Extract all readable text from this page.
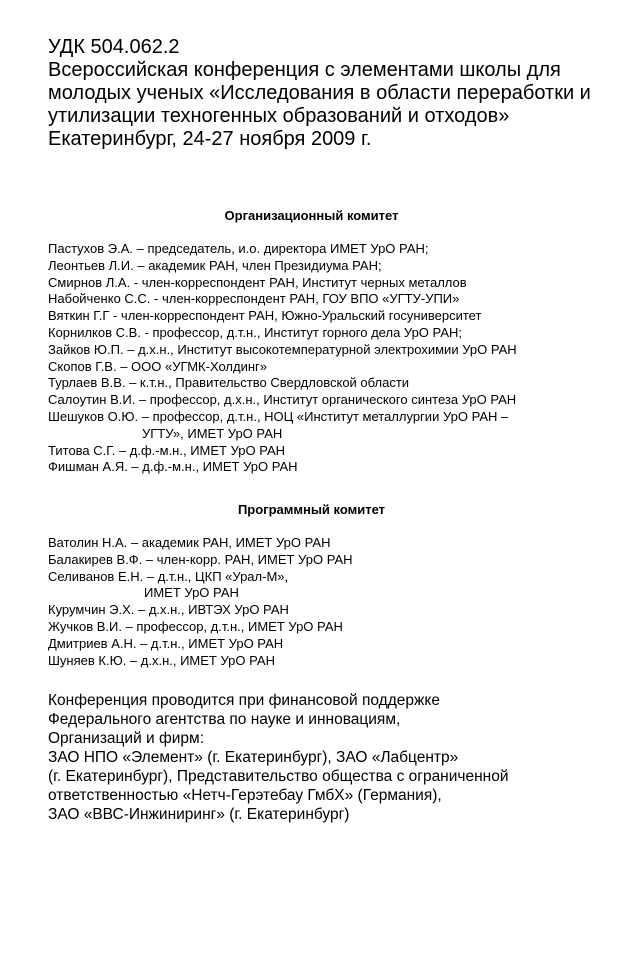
УДК 504.062.2
Всероссийская конференция с элементами школы для
молодых ученых «Исследования в области переработки и
утилизации техногенных образований и отходов»
Екатеринбург, 24-27 ноября 2009 г.
Организационный комитет
Пастухов Э.А. – председатель, и.о. директора ИМЕТ УрО РАН;
Леонтьев Л.И. – академик РАН, член Президиума РАН;
Смирнов Л.А. - член-корреспондент РАН, Институт черных металлов
Набойченко С.С. - член-корреспондент РАН, ГОУ ВПО «УГТУ-УПИ»
Вяткин Г.Г - член-корреспондент РАН, Южно-Уральский госуниверситет
Корнилков С.В. - профессор, д.т.н., Институт горного дела УрО РАН;
Зайков Ю.П. – д.х.н., Институт высокотемпературной электрохимии УрО РАН
Скопов Г.В. – ООО «УГМК-Холдинг»
Турлаев В.В. – к.т.н., Правительство Свердловской области
Салоутин В.И. – профессор, д.х.н., Институт органического синтеза УрО РАН
Шешуков О.Ю. – профессор, д.т.н., НОЦ «Институт металлургии УрО РАН –
УГТУ», ИМЕТ УрО РАН
Титова С.Г. – д.ф.-м.н., ИМЕТ УрО РАН
Фишман А.Я. – д.ф.-м.н., ИМЕТ УрО РАН
Программный комитет
Ватолин Н.А. – академик РАН, ИМЕТ УрО РАН
Балакирев В.Ф. – член-корр. РАН, ИМЕТ УрО РАН
Селиванов Е.Н. – д.т.н., ЦКП «Урал-М»,
ИМЕТ УрО РАН
Курумчин Э.Х. – д.х.н., ИВТЭХ УрО РАН
Жучков В.И. – профессор, д.т.н., ИМЕТ УрО РАН
Дмитриев А.Н. – д.т.н., ИМЕТ УрО РАН
Шуняев К.Ю. – д.х.н., ИМЕТ УрО РАН
Конференция проводится при финансовой поддержке
Федерального агентства по науке и инновациям,
Организаций и фирм:
ЗАО НПО «Элемент» (г. Екатеринбург), ЗАО «Лабцентр»
(г. Екатеринбург), Представительство общества с ограниченной
ответственностью «Нетч-Герэтебау ГмбХ» (Германия),
ЗАО «ВВС-Инжиниринг» (г. Екатеринбург)
